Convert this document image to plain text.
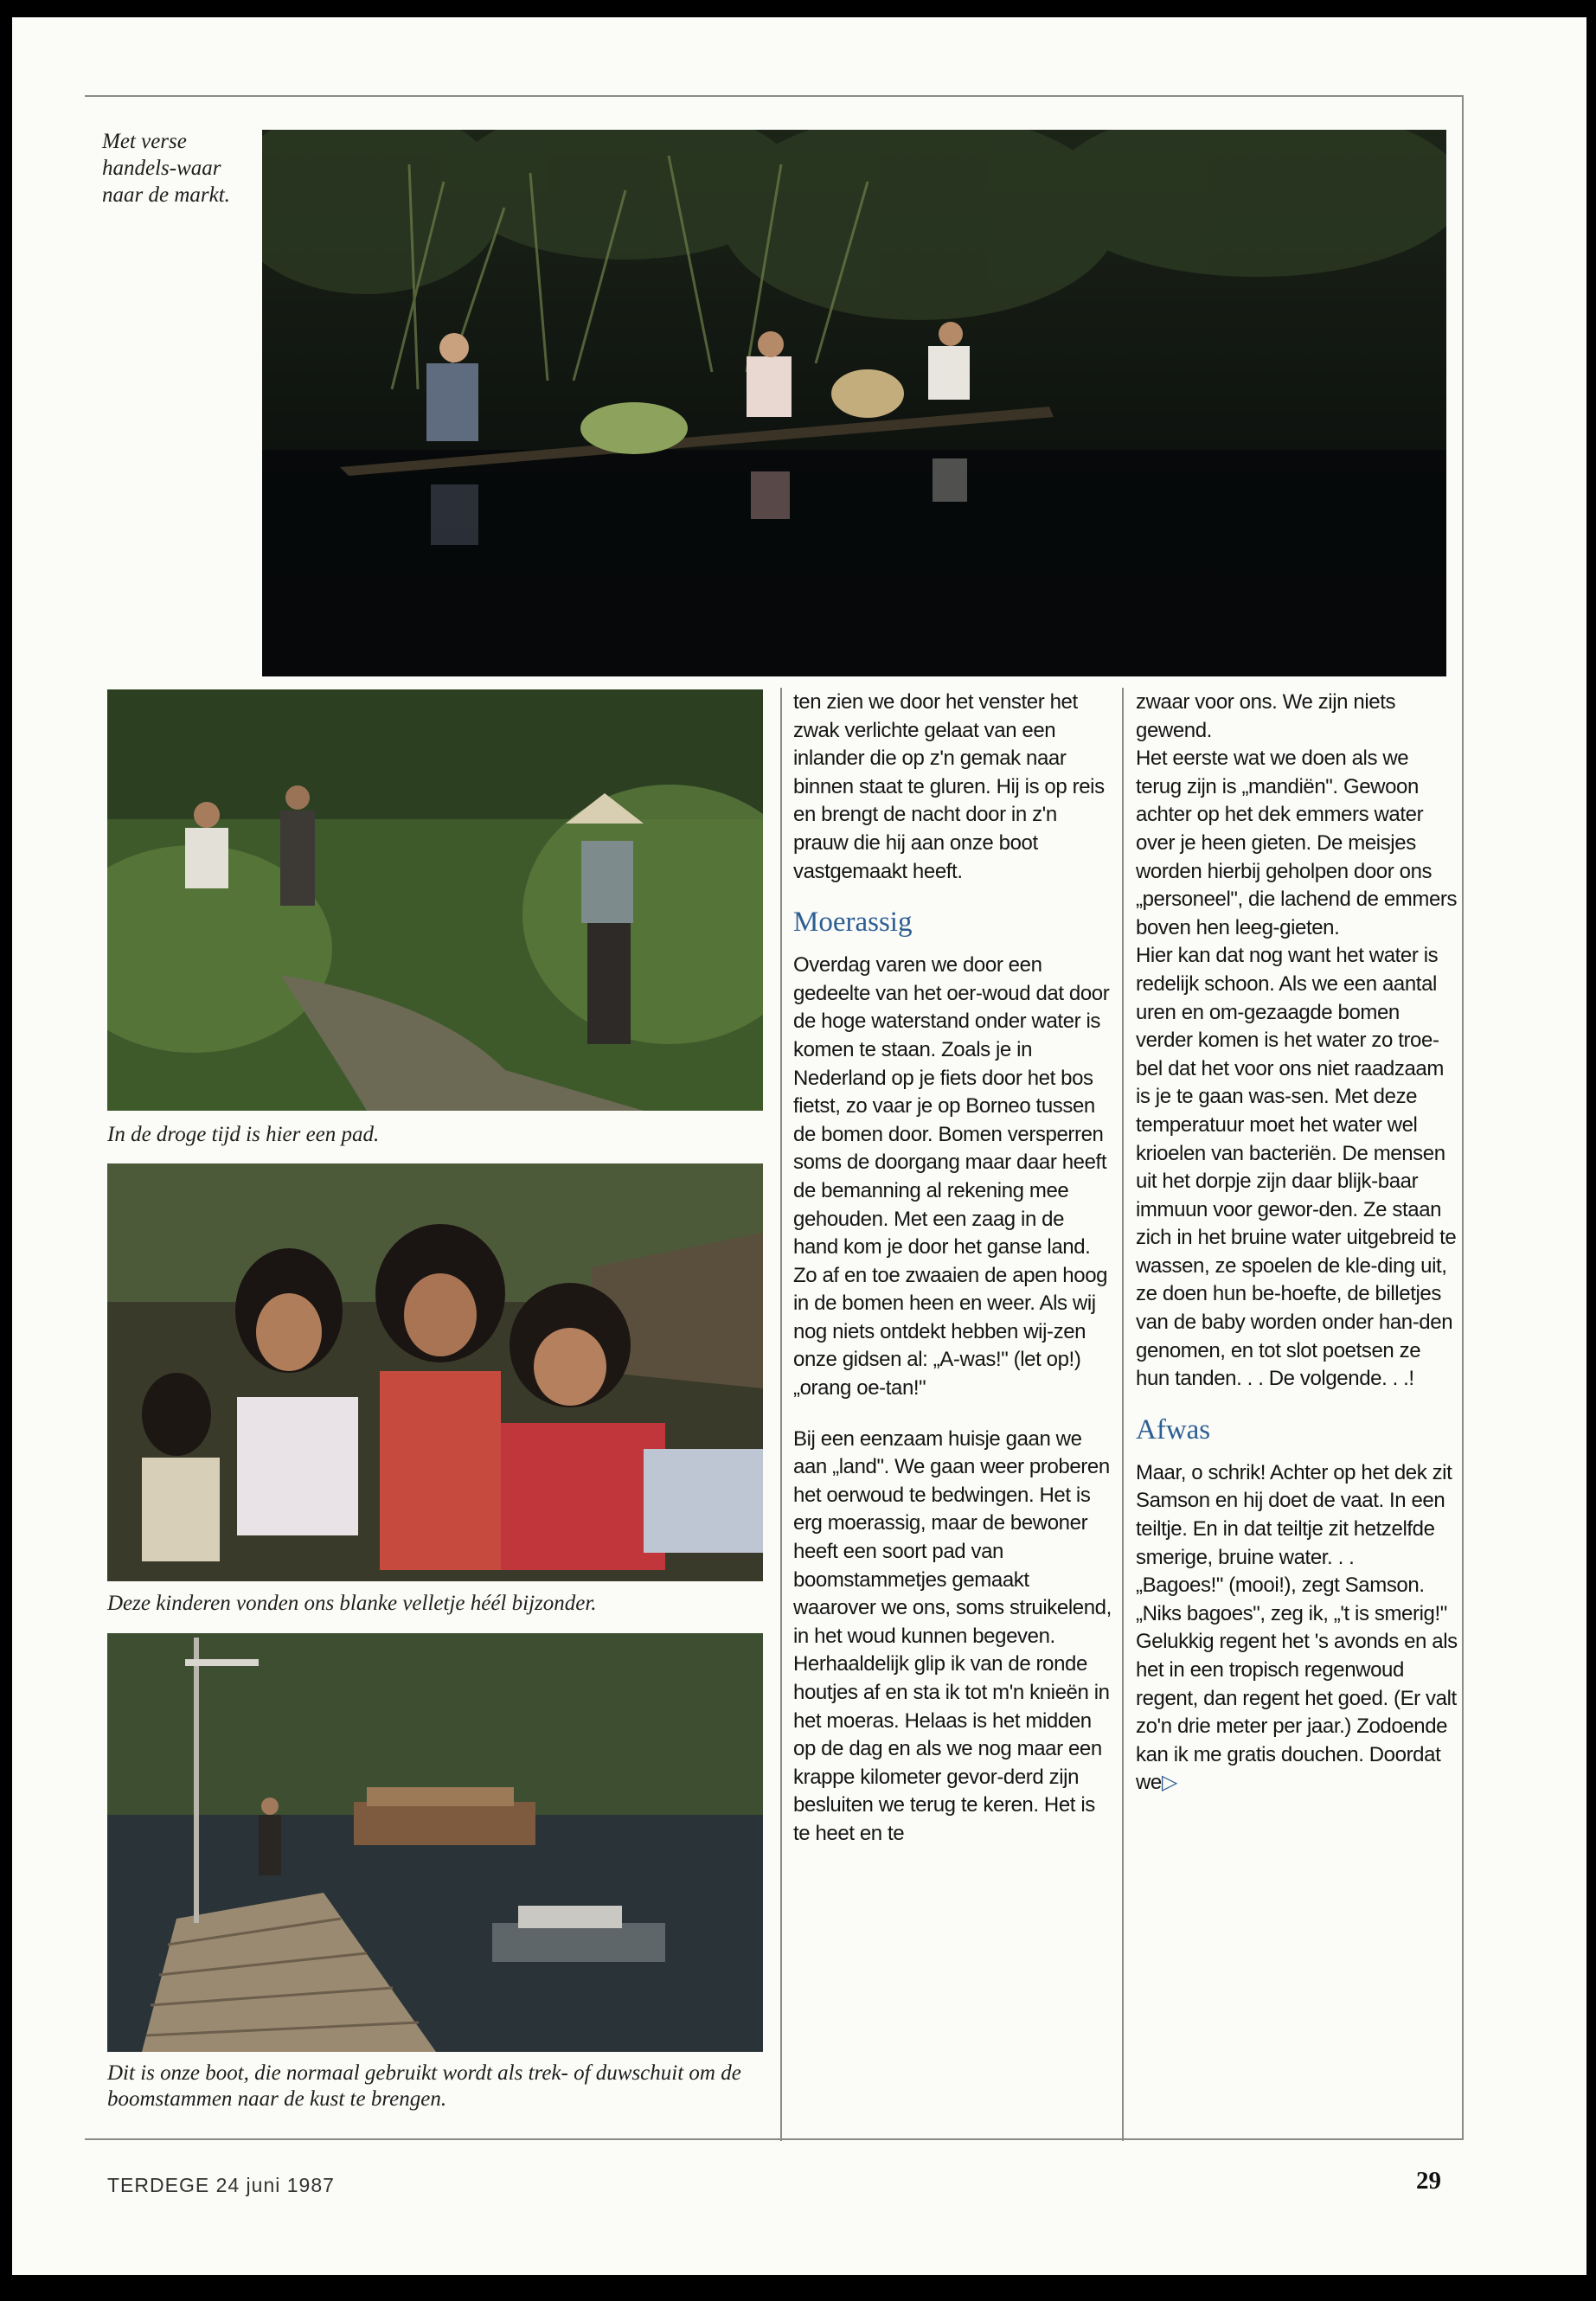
Met verse handels-waar naar de markt.
In de droge tijd is hier een pad.
Deze kinderen vonden ons blanke velletje héél bijzonder.
Dit is onze boot, die normaal gebruikt wordt als trek- of duwschuit om de boomstammen naar de kust te brengen.

ten zien we door het venster het zwak verlichte gelaat van een inlander die op z'n gemak naar binnen staat te gluren. Hij is op reis en brengt de nacht door in z'n prauw die hij aan onze boot vastgemaakt heeft.

Moerassig

Overdag varen we door een gedeelte van het oer-woud dat door de hoge waterstand onder water is komen te staan. Zoals je in Nederland op je fiets door het bos fietst, zo vaar je op Borneo tussen de bomen door. Bomen versperren soms de doorgang maar daar heeft de bemanning al rekening mee gehouden. Met een zaag in de hand kom je door het ganse land. Zo af en toe zwaaien de apen hoog in de bomen heen en weer. Als wij nog niets ontdekt hebben wij-zen onze gidsen al: „A-was!" (let op!) „orang oe-tan!"

Bij een eenzaam huisje gaan we aan „land". We gaan weer proberen het oerwoud te bedwingen. Het is erg moerassig, maar de bewoner heeft een soort pad van boomstammetjes gemaakt waarover we ons, soms struikelend, in het woud kunnen begeven. Herhaaldelijk glip ik van de ronde houtjes af en sta ik tot m'n knieën in het moeras. Helaas is het midden op de dag en als we nog maar een krappe kilometer gevor-derd zijn besluiten we terug te keren. Het is te heet en te

zwaar voor ons. We zijn niets gewend.

Het eerste wat we doen als we terug zijn is „mandiën". Gewoon achter op het dek emmers water over je heen gieten. De meisjes worden hierbij geholpen door ons „personeel", die lachend de emmers boven hen leeg-gieten.

Hier kan dat nog want het water is redelijk schoon. Als we een aantal uren en om-gezaagde bomen verder komen is het water zo troe-bel dat het voor ons niet raadzaam is je te gaan was-sen. Met deze temperatuur moet het water wel krioelen van bacteriën. De mensen uit het dorpje zijn daar blijk-baar immuun voor gewor-den. Ze staan zich in het bruine water uitgebreid te wassen, ze spoelen de kle-ding uit, ze doen hun be-hoefte, de billetjes van de baby worden onder han-den genomen, en tot slot poetsen ze hun tanden. . . De volgende. . .!

Afwas

Maar, o schrik! Achter op het dek zit Samson en hij doet de vaat. In een teiltje. En in dat teiltje zit hetzelfde smerige, bruine water. . .

„Bagoes!" (mooi!), zegt Samson.

„Niks bagoes", zeg ik, „'t is smerig!"

Gelukkig regent het 's avonds en als het in een tropisch regenwoud regent, dan regent het goed. (Er valt zo'n drie meter per jaar.) Zodoende kan ik me gratis douchen. Doordat we▷

TERDEGE 24 juni 1987	29
